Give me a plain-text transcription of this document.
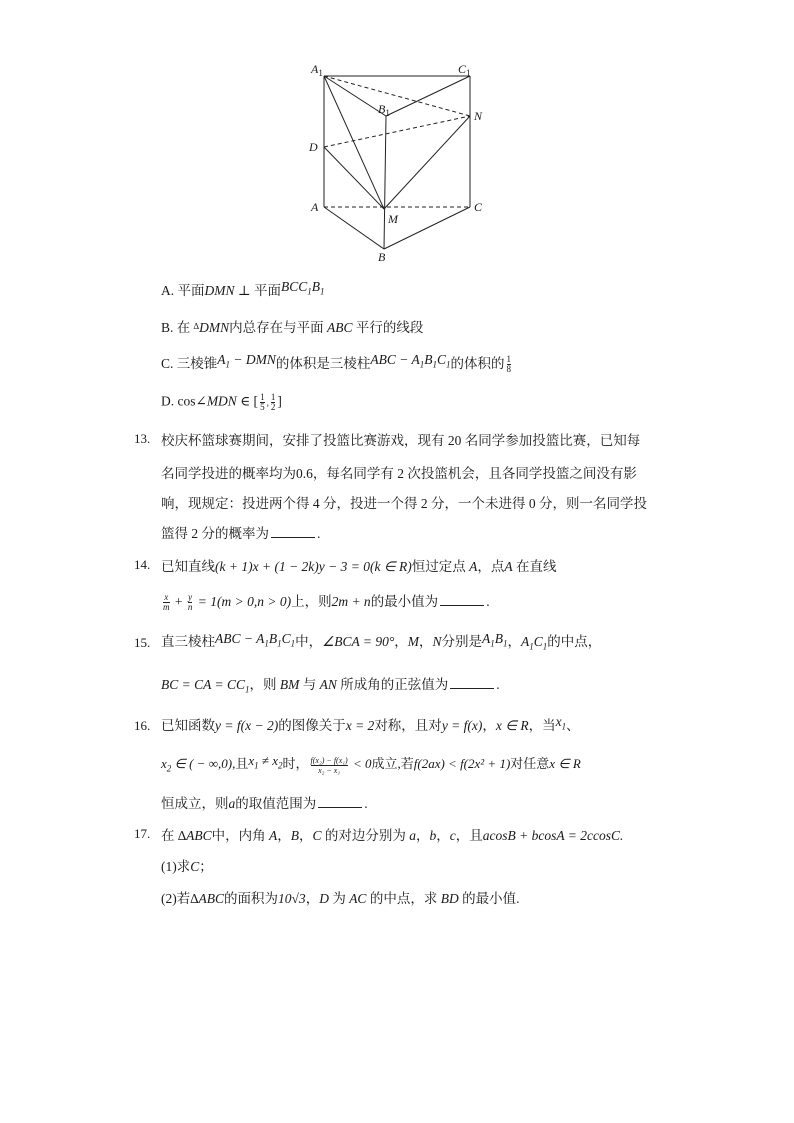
$A_1$	$C_1$
$B_1$	N
D
A
M
C
B
A. 平面DMN ⊥ 平面$BCC_1B_1$
B. 在 ∆DMN内总存在与平面 ABC 平行的线段
C. 三棱锥$A_1$ − DMN的体积是三棱柱ABC − $A_1B_1C_1$的体积的 $\frac{1}{8}$
D. cos∠MDN ∈ [ $\frac{1}{5}$ , $\frac{1}{2}$ ]
13. 校庆杯篮球赛期间，安排了投篮比赛游戏，现有 20 名同学参加投篮比赛，已知每
名同学投进的概率均为0.6，每名同学有 2 次投篮机会，且各同学投篮之间没有影
响，现规定：投进两个得 4 分，投进一个得 2 分，一个未进得 0 分，则一名同学投
篮得 2 分的概率为	.
14. 已知直线(k + 1)x + (1 − 2k)y − 3 = 0(k ∈ R)恒过定点 A，点A 在直线
$\frac{x}{m} + \frac{y}{n} = 1(m > 0,n > 0)$上，则2m + n的最小值为	.
15. 直三棱柱ABC − $A_1B_1C_1$中，∠BCA = 90°，M，N分别是$A_1B_1$，$A_1C_1$的中点，
BC = CA = $CC_1$，则 BM 与 AN 所成角的正弦值为	.
16. 已知函数y = f(x − 2)的图像关于x = 2对称，且对y = f(x)，x ∈ R，当$x_1$、
$x_2$ ∈ ( − ∞,0),且$x_1 \ne x_2$时， $\frac{\text{f(x₂) − f(x₁)}}{\text{x₂ − x₁}} < 0$成立,若f(2ax) < f(2x² + 1)对任意x ∈ R
恒成立，则a的取值范围为	.
17. 在 ∆ABC中，内角 A，B，C 的对边分别为 a，b，c，且acosB + bcosA = 2ccosC.
(1)求C；
(2)若∆ABC的面积为10√3，D 为 AC 的中点，求 BD 的最小值.
